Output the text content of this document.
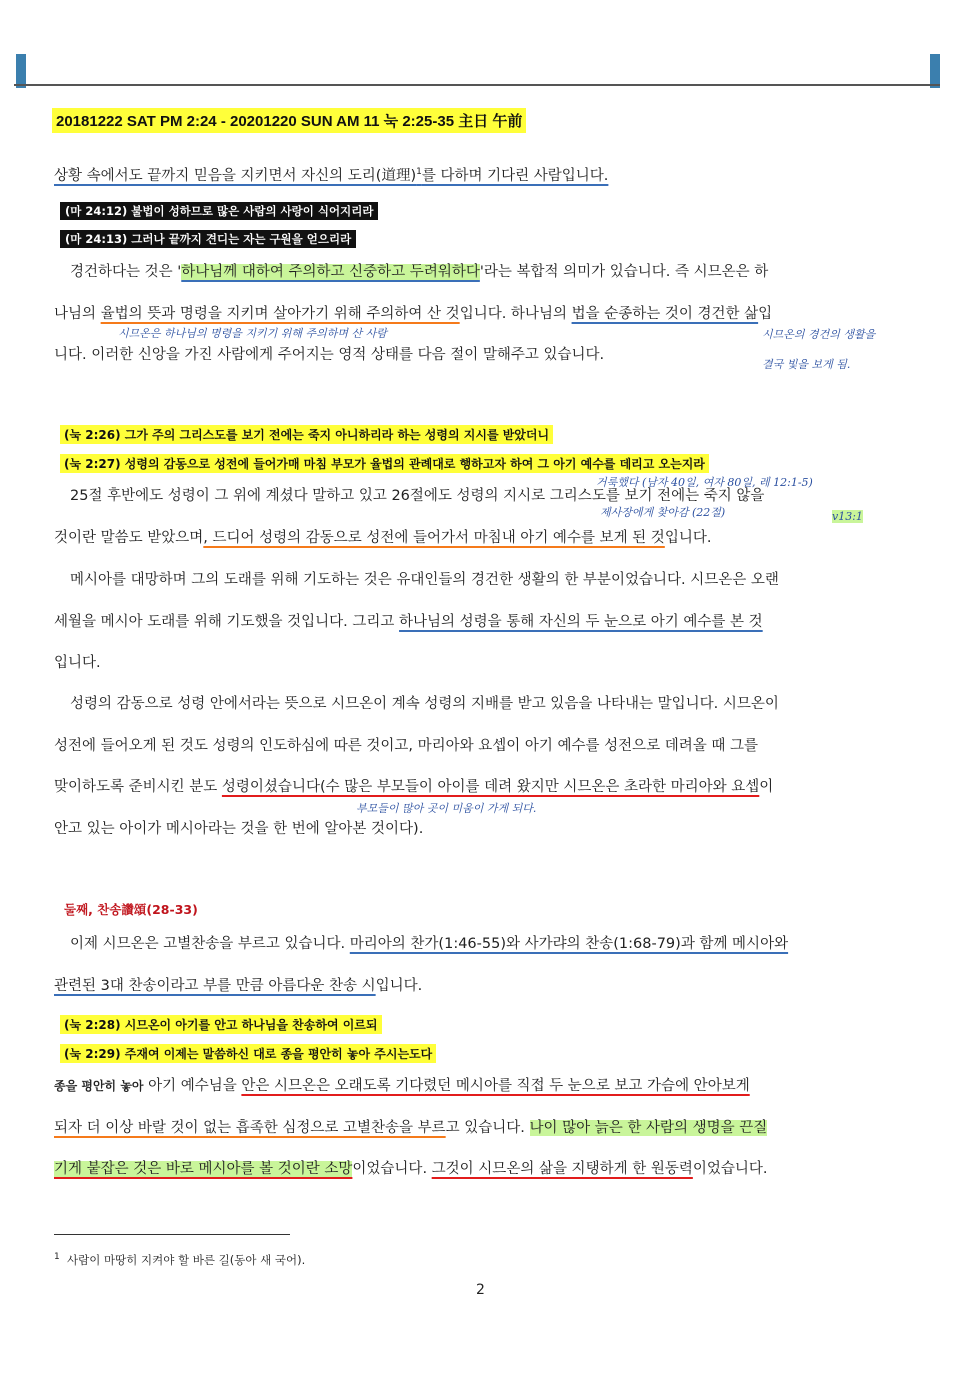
20181222 SAT PM 2:24 - 20201220 SUN AM 11 눅 2:25-35 主日 午前
상황 속에서도 끝까지 믿음을 지키면서 자신의 도리(道理)$^1$를 다하며 기다린 사람입니다.
(마 24:12) 불법이 성하므로 많은 사람의 사랑이 식어지리라
(마 24:13) 그러나 끝까지 견디는 자는 구원을 얻으리라
경건하다는 것은 '하나님께 대하여 주의하고 신중하고 두려워하다'라는 복합적 의미가 있습니다. 즉 시므온은 하
나님의 율법의 뜻과 명령을 지키며 살아가기 위해 주의하여 산 것입니다. 하나님의 법을 순종하는 것이 경건한 삶입
니다. 이러한 신앙을 가진 사람에게 주어지는 영적 상태를 다음 절이 말해주고 있습니다.
시므온은 하나님의 명령을 지키기 위해 주의하며 산 사람	시므온의 경건의 생활을
결국 빛을 보게 됨.
(눅 2:26) 그가 주의 그리스도를 보기 전에는 죽지 아니하리라 하는 성령의 지시를 받았더니
(눅 2:27) 성령의 감동으로 성전에 들어가매 마침 부모가 율법의 관례대로 행하고자 하여 그 아기 예수를 데리고 오는지라
거룩했다 (남자 40일, 여자 80일, 레 12:1-5)
25절 후반에도 성령이 그 위에 계셨다 말하고 있고 26절에도 성령의 지시로 그리스도를 보기 전에는 죽지 않을
것이란 말씀도 받았으며, 드디어 성령의 감동으로 성전에 들어가서 마침내 아기 예수를 보게 된 것입니다.
제사장에게 찾아감 (22절)	v13:1
메시아를 대망하며 그의 도래를 위해 기도하는 것은 유대인들의 경건한 생활의 한 부분이었습니다. 시므온은 오랜
세월을 메시아 도래를 위해 기도했을 것입니다. 그리고 하나님의 성령을 통해 자신의 두 눈으로 아기 예수를 본 것
입니다.
성령의 감동으로 성령 안에서라는 뜻으로 시므온이 계속 성령의 지배를 받고 있음을 나타내는 말입니다. 시므온이
성전에 들어오게 된 것도 성령의 인도하심에 따른 것이고, 마리아와 요셉이 아기 예수를 성전으로 데려올 때 그를
맞이하도록 준비시킨 분도 성령이셨습니다(수 많은 부모들이 아이를 데려 왔지만 시므온은 초라한 마리아와 요셉이
안고 있는 아이가 메시아라는 것을 한 번에 알아본 것이다).
부모들이 많아 곳이 미움이 가게 되다.
둘째, 찬송讚頌(28-33)
이제 시므온은 고별찬송을 부르고 있습니다. 마리아의 찬가(1:46-55)와 사가랴의 찬송(1:68-79)과 함께 메시아와
관련된 3대 찬송이라고 부를 만큼 아름다운 찬송 시입니다.
(눅 2:28) 시므온이 아기를 안고 하나님을 찬송하여 이르되
(눅 2:29) 주재여 이제는 말씀하신 대로 종을 평안히 놓아 주시는도다
종을 평안히 놓아 아기 예수님을 안은 시므온은 오래도록 기다렸던 메시아를 직접 두 눈으로 보고 가슴에 안아보게
되자 더 이상 바랄 것이 없는 흡족한 심정으로 고별찬송을 부르고 있습니다. 나이 많아 늙은 한 사람의 생명을 끈질
기게 붙잡은 것은 바로 메시아를 볼 것이란 소망이었습니다. 그것이 시므온의 삶을 지탱하게 한 원동력이었습니다.
$^1$ 사람이 마땅히 지켜야 할 바른 길(동아 새 국어).
2
